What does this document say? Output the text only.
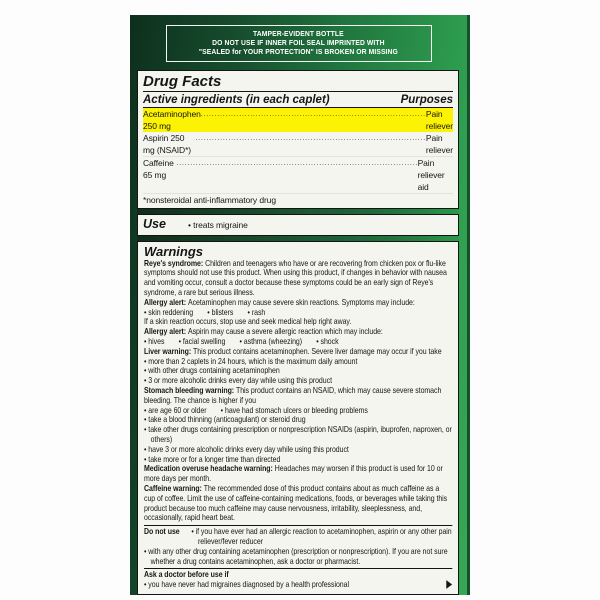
TAMPER-EVIDENT BOTTLE
DO NOT USE IF INNER FOIL SEAL IMPRINTED WITH
"SEALED for YOUR PROTECTION" IS BROKEN OR MISSING
Drug Facts
Active ingredients (in each caplet)	Purposes
Acetaminophen 250 mg
.....
Pain reliever
Aspirin 250 mg (NSAID*)
.....
Pain reliever
Caffeine 65 mg
.....
Pain reliever aid
*nonsteroidal anti-inflammatory drug
Use	• treats migraine
Warnings
Reye's syndrome: Children and teenagers who have or are recovering from chicken pox or flu-like symptoms should not use this product. When using this product, if changes in behavior with nausea and vomiting occur, consult a doctor because these symptoms could be an early sign of Reye's syndrome, a rare but serious illness.
Allergy alert: Acetaminophen may cause severe skin reactions. Symptoms may include:
• skin reddening	• blisters	• rash
If a skin reaction occurs, stop use and seek medical help right away.
Allergy alert: Aspirin may cause a severe allergic reaction which may include:
• hives	• facial swelling	• asthma (wheezing)	• shock
Liver warning: This product contains acetaminophen. Severe liver damage may occur if you take
• more than 2 caplets in 24 hours, which is the maximum daily amount
• with other drugs containing acetaminophen
• 3 or more alcoholic drinks every day while using this product
Stomach bleeding warning: This product contains an NSAID, which may cause severe stomach bleeding. The chance is higher if you
• are age 60 or older	• have had stomach ulcers or bleeding problems
• take a blood thinning (anticoagulant) or steroid drug
• take other drugs containing prescription or nonprescription NSAIDs (aspirin, ibuprofen, naproxen, or others)
• have 3 or more alcoholic drinks every day while using this product
• take more or for a longer time than directed
Medication overuse headache warning: Headaches may worsen if this product is used for 10 or more days per month.
Caffeine warning: The recommended dose of this product contains about as much caffeine as a cup of coffee. Limit the use of caffeine-containing medications, foods, or beverages while taking this product because too much caffeine may cause nervousness, irritability, sleeplessness, and, occasionally, rapid heart beat.
Do not use	• if you have ever had an allergic reaction to acetaminophen, aspirin or any other pain reliever/fever reducer
• with any other drug containing acetaminophen (prescription or nonprescription). If you are not sure whether a drug contains acetaminophen, ask a doctor or pharmacist.
Ask a doctor before use if
• you have never had migraines diagnosed by a health professional	▶
